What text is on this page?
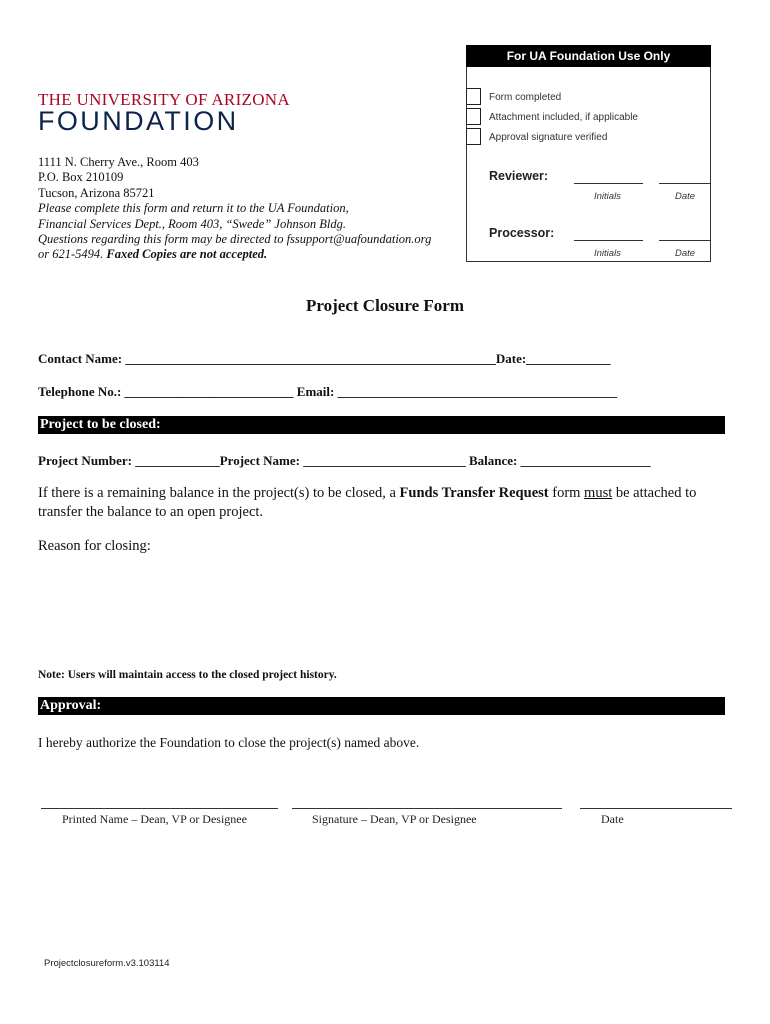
THE UNIVERSITY OF ARIZONA
FOUNDATION
1111 N. Cherry Ave., Room 403
P.O. Box 210109
Tucson, Arizona 85721
Please complete this form and return it to the UA Foundation,
Financial Services Dept., Room 403, “Swede” Johnson Bldg.
Questions regarding this form may be directed to fssupport@uafoundation.org
or 621-5494. Faxed Copies are not accepted.
For UA Foundation Use Only
Form completed
Attachment included, if applicable
Approval signature verified
Reviewer:
Initials	Date
Processor:
Initials	Date
Project Closure Form
Contact Name: _________________________________________________________Date:_____________
Telephone No.: __________________________ Email: ___________________________________________
Project to be closed:
Project Number: _____________Project Name: _________________________ Balance: ____________________
If there is a remaining balance in the project(s) to be closed, a Funds Transfer Request form must be attached to
transfer the balance to an open project.
Reason for closing:
Note: Users will maintain access to the closed project history.
Approval:
I hereby authorize the Foundation to close the project(s) named above.
Printed Name – Dean, VP or Designee	Signature – Dean, VP or Designee	Date
Projectclosureform.v3.103114
